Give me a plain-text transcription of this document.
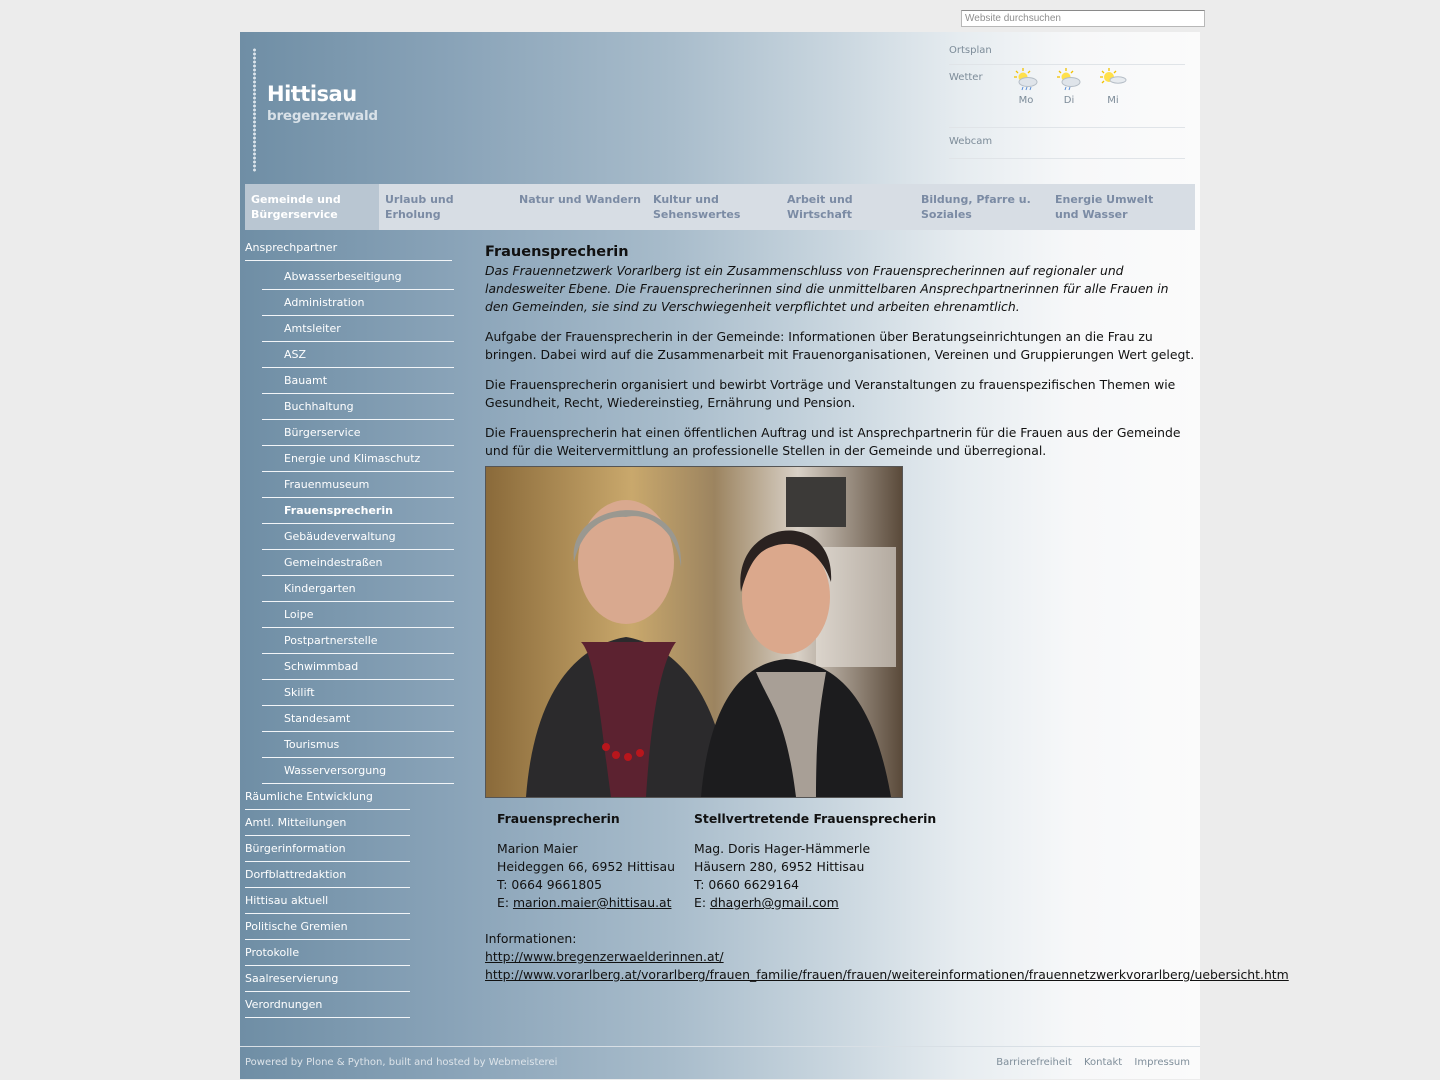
Website durchsuchen
Hittisau
bregenzerwald
Ortsplan
Wetter
Mo	Di	Mi
Webcam
Gemeinde und Bürgerservice
Urlaub und Erholung
Natur und Wandern	Kultur und Sehenswertes
Arbeit und Wirtschaft
Bildung, Pfarre u. Soziales
Energie Umwelt und Wasser
Ansprechpartner
Abwasserbeseitigung
Administration
Amtsleiter
ASZ
Bauamt
Buchhaltung
Bürgerservice
Energie und Klimaschutz
Frauenmuseum
Frauensprecherin
Gebäudeverwaltung
Gemeindestraßen
Kindergarten
Loipe
Postpartnerstelle
Schwimmbad
Skilift
Standesamt
Tourismus
Wasserversorgung
Räumliche Entwicklung
Amtl. Mitteilungen
Bürgerinformation
Dorfblattredaktion
Hittisau aktuell
Politische Gremien
Protokolle
Saalreservierung
Verordnungen
Frauensprecherin

Das Frauennetzwerk Vorarlberg ist ein Zusammenschluss von Frauensprecherinnen auf regionaler und landesweiter Ebene. Die Frauensprecherinnen sind die unmittelbaren Ansprechpartnerinnen für alle Frauen in den Gemeinden, sie sind zu Verschwiegenheit verpflichtet und arbeiten ehrenamtlich.

Aufgabe der Frauensprecherin in der Gemeinde: Informationen über Beratungseinrichtungen an die Frau zu bringen. Dabei wird auf die Zusammenarbeit mit Frauenorganisationen, Vereinen und Gruppierungen Wert gelegt.

Die Frauensprecherin organisiert und bewirbt Vorträge und Veranstaltungen zu frauenspezifischen Themen wie Gesundheit, Recht, Wiedereinstieg, Ernährung und Pension.

Die Frauensprecherin hat einen öffentlichen Auftrag und ist Ansprechpartnerin für die Frauen aus der Gemeinde und für die Weitervermittlung an professionelle Stellen in der Gemeinde und überregional.

Frauensprecherin
Marion Maier
Heideggen 66, 6952 Hittisau
T: 0664 9661805
E: marion.maier@hittisau.at
Stellvertretende Frauensprecherin
Mag. Doris Hager-Hämmerle
Häusern 280, 6952 Hittisau
T: 0660 6629164
E: dhagerh@gmail.com
Informationen:
http://www.bregenzerwaelderinnen.at/
http://www.vorarlberg.at/vorarlberg/frauen_familie/frauen/frauen/weitereinformationen/frauennetzwerkvorarlberg/uebersicht.htm
Powered by Plone & Python, built and hosted by Webmeisterei	Barrierefreiheit Kontakt Impressum
